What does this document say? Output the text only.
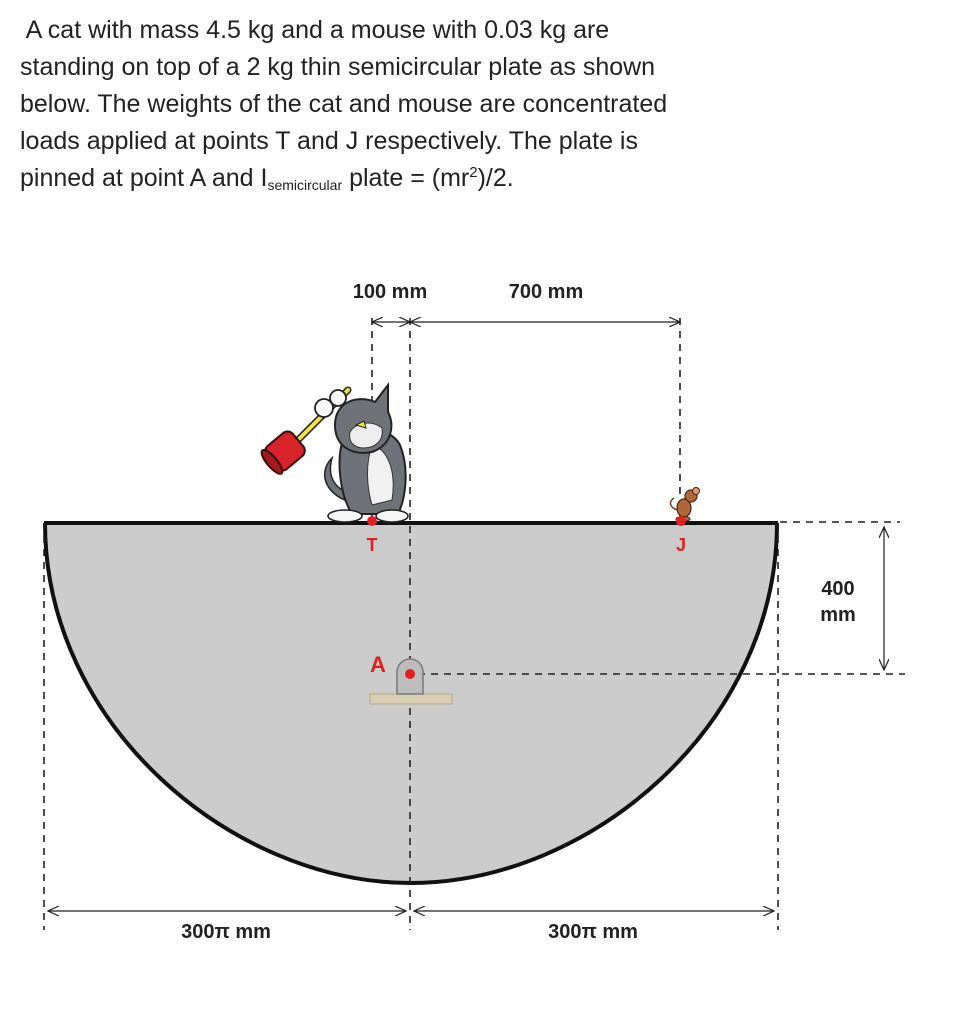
A cat with mass 4.5 kg and a mouse with 0.03 kg are

standing on top of a 2 kg thin semicircular plate as shown

below. The weights of the cat and mouse are concentrated

loads applied at points T and J respectively. The plate is

pinned at point A and $I_{semicircular}$ plate = $(mr^2)/2$.

100 mm	700 mm
400
mm
300π mm	300π mm
A
T	J
